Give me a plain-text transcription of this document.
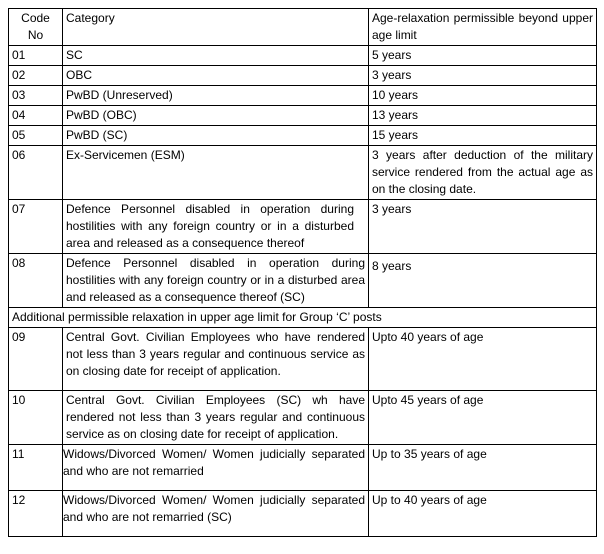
Code No	Category	Age-relaxation permissible beyond upper age limit
01	SC	5 years
02	OBC	3 years
03	PwBD (Unreserved)	10 years
04	PwBD (OBC)	13 years
05	PwBD (SC)	15 years
06	Ex-Servicemen (ESM)	3 years after deduction of the military service rendered from the actual age as on the closing date.
07	Defence Personnel disabled in operation during hostilities with any foreign country or in a disturbed area and released as a consequence thereof	3 years
08	Defence Personnel disabled in operation during hostilities with any foreign country or in a disturbed area and released as a consequence thereof (SC)	8 years
Additional permissible relaxation in upper age limit for Group ‘C’ posts		
09	Central Govt. Civilian Employees who have rendered not less than 3 years regular and continuous service as on closing date for receipt of application.	Upto 40 years of age
10	Central Govt. Civilian Employees (SC) wh have rendered not less than 3 years regular and continuous service as on closing date for receipt of application.	Upto 45 years of age
11	Widows/Divorced Women/ Women judicially separated and who are not remarried	Up to 35 years of age
12	Widows/Divorced Women/ Women judicially separated and who are not remarried (SC)	Up to 40 years of age
